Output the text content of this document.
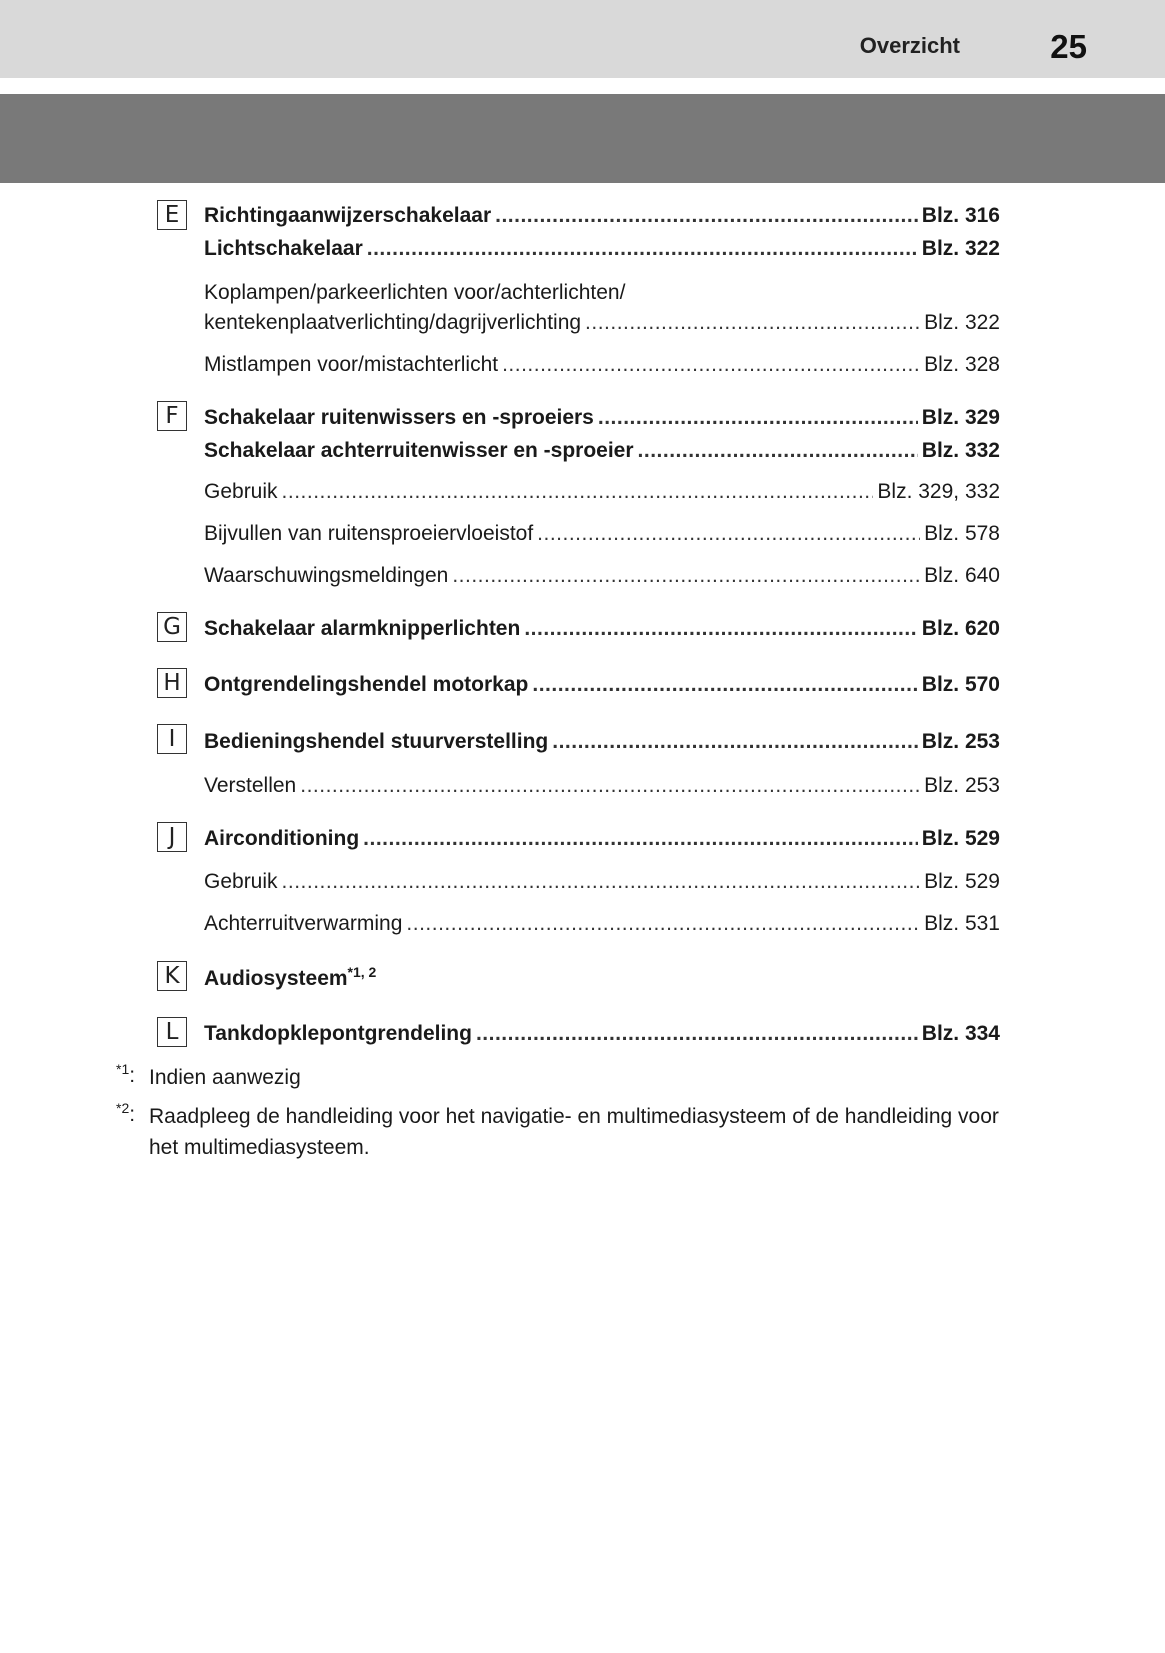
Overzicht	25
E	Richtingaanwijzerschakelaar .....	Blz. 316
Lichtschakelaar .....	Blz. 322
Koplampen/parkeerlichten voor/achterlichten/
kentekenplaatverlichting/dagrijverlichting .....	Blz. 322
Mistlampen voor/mistachterlicht .....	Blz. 328
F	Schakelaar ruitenwissers en -sproeiers .....	Blz. 329
Schakelaar achterruitenwisser en -sproeier .....	Blz. 332
Gebruik .....	Blz. 329, 332
Bijvullen van ruitensproeiervloeistof .....	Blz. 578
Waarschuwingsmeldingen .....	Blz. 640
G Schakelaar alarmknipperlichten .....	Blz. 620
H	Ontgrendelingshendel motorkap .....	Blz. 570
I	Bedieningshendel stuurverstelling .....	Blz. 253
Verstellen .....	Blz. 253
J	Airconditioning .....	Blz. 529
Gebruik .....	Blz. 529
Achterruitverwarming .....	Blz. 531
K	Audiosysteem$^{*1, 2}$
L	Tankdopklepontgrendeling .....	Blz. 334
$^{*1}$: Indien aanwezig
$^{*2}$: Raadpleeg de handleiding voor het navigatie- en multimediasysteem of de handleiding voor het multimediasysteem.
